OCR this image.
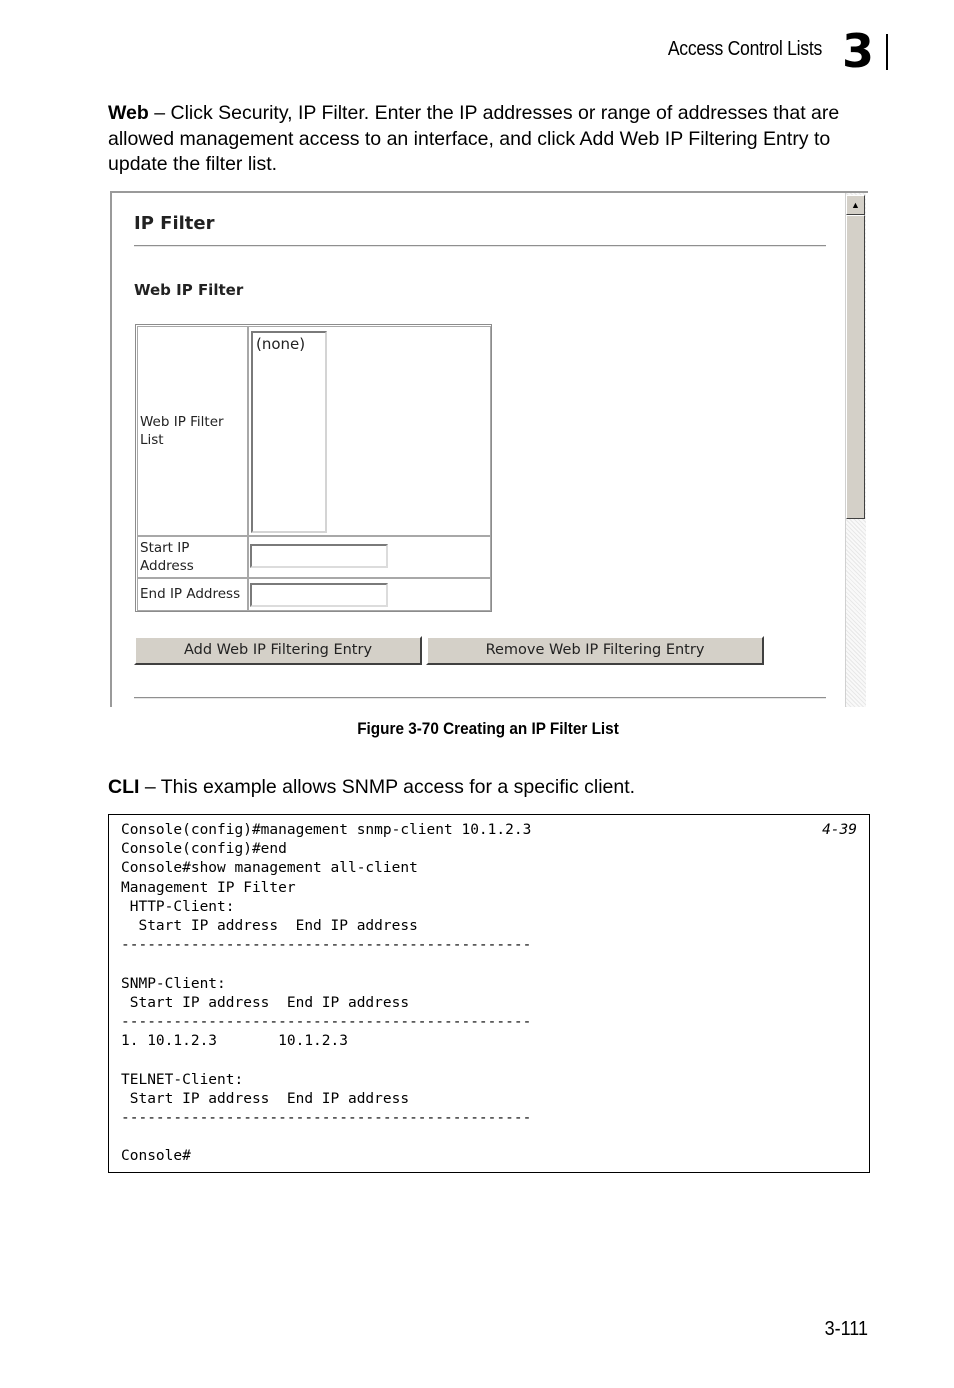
Access Control Lists 3
Web – Click Security, IP Filter. Enter the IP addresses or range of addresses that are allowed management access to an interface, and click Add Web IP Filtering Entry to update the filter list.
IP Filter
Web IP Filter
Web IP Filter List
(none)
Start IP Address
End IP Address
Add Web IP Filtering Entry	Remove Web IP Filtering Entry
▲
Figure 3-70 Creating an IP Filter List
CLI – This example allows SNMP access for a specific client.
4-39
Console(config)#management snmp-client 10.1.2.3
Console(config)#end
Console#show management all-client
Management IP Filter
HTTP-Client:
Start IP address  End IP address
-----------------------------------------------
SNMP-Client:
Start IP address  End IP address
-----------------------------------------------
1. 10.1.2.3       10.1.2.3
TELNET-Client:
Start IP address  End IP address
-----------------------------------------------
Console#
3-111
